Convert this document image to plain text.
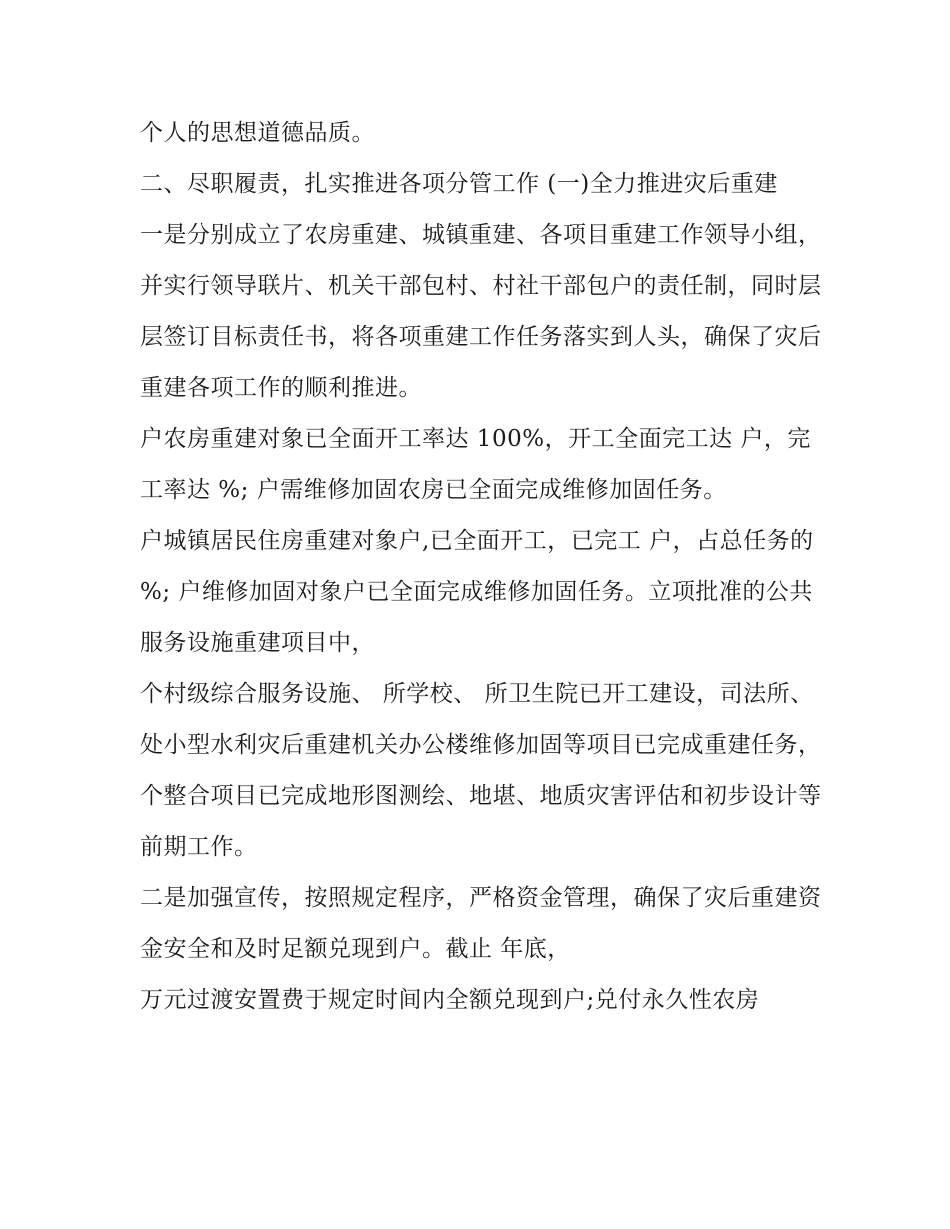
个人的思想道德品质。

二、尽职履责，扎实推进各项分管工作 (一)全力推进灾后重建

一是分别成立了农房重建、城镇重建、各项目重建工作领导小组，并实行领导联片、机关干部包村、村社干部包户的责任制，同时层层签订目标责任书，将各项重建工作任务落实到人头，确保了灾后重建各项工作的顺利推进。

户农房重建对象已全面开工率达 100%，开工全面完工达 户，完工率达 %; 户需维修加固农房已全面完成维修加固任务。

户城镇居民住房重建对象户,已全面开工，已完工 户，占总任务的 %; 户维修加固对象户已全面完成维修加固任务。立项批准的公共服务设施重建项目中，

个村级综合服务设施、 所学校、 所卫生院已开工建设，司法所、 处小型水利灾后重建机关办公楼维修加固等项目已完成重建任务，

个整合项目已完成地形图测绘、地堪、地质灾害评估和初步设计等前期工作。

二是加强宣传，按照规定程序，严格资金管理，确保了灾后重建资金安全和及时足额兑现到户。截止 年底，

万元过渡安置费于规定时间内全额兑现到户;兑付永久性农房
